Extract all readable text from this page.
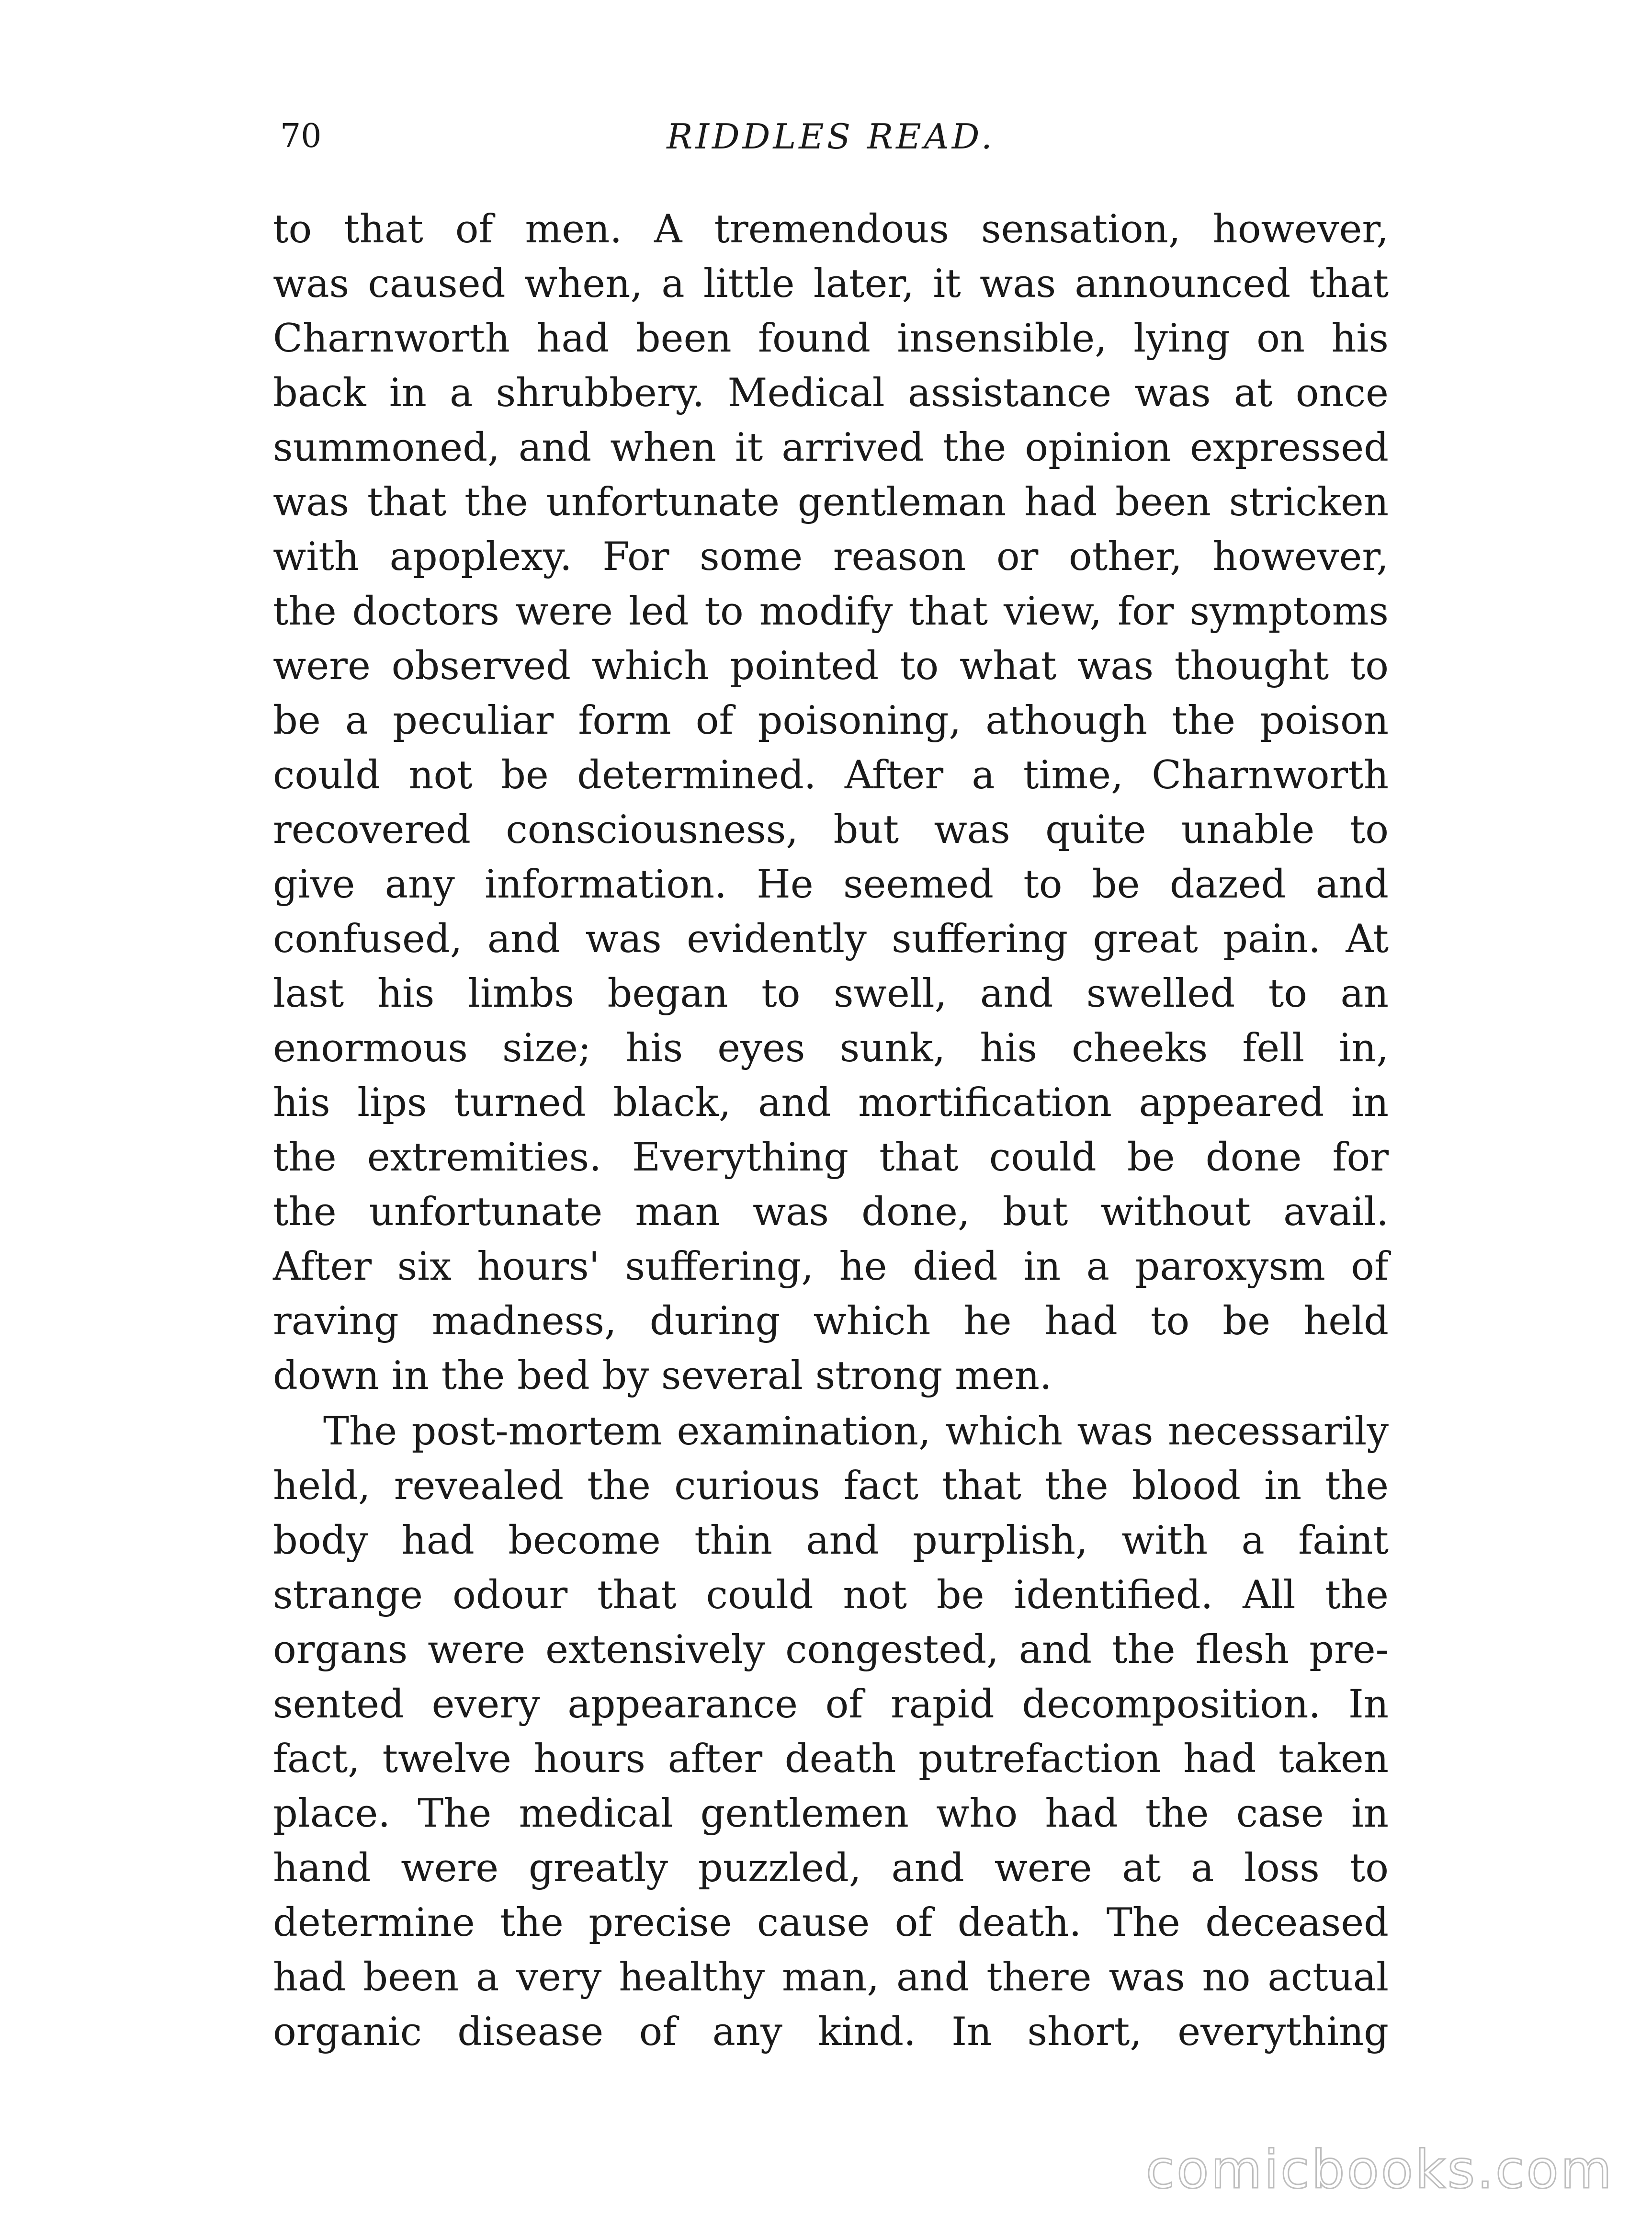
70	RIDDLES READ.
to that of men. A tremendous sensation, however,
was caused when, a little later, it was announced that
Charnworth had been found insensible, lying on his
back in a shrubbery. Medical assistance was at once
summoned, and when it arrived the opinion expressed
was that the unfortunate gentleman had been stricken
with apoplexy. For some reason or other, however,
the doctors were led to modify that view, for symptoms
were observed which pointed to what was thought to
be a peculiar form of poisoning, athough the poison
could not be determined. After a time, Charnworth
recovered consciousness, but was quite unable to
give any information. He seemed to be dazed and
confused, and was evidently suffering great pain. At
last his limbs began to swell, and swelled to an
enormous size; his eyes sunk, his cheeks fell in,
his lips turned black, and mortification appeared in
the extremities. Everything that could be done for
the unfortunate man was done, but without avail.
After six hours' suffering, he died in a paroxysm of
raving madness, during which he had to be held
down in the bed by several strong men.
The post-mortem examination, which was necessarily
held, revealed the curious fact that the blood in the
body had become thin and purplish, with a faint
strange odour that could not be identified. All the
organs were extensively congested, and the flesh pre-
sented every appearance of rapid decomposition. In
fact, twelve hours after death putrefaction had taken
place. The medical gentlemen who had the case in
hand were greatly puzzled, and were at a loss to
determine the precise cause of death. The deceased
had been a very healthy man, and there was no actual
organic disease of any kind. In short, everything
comicbooks.com
